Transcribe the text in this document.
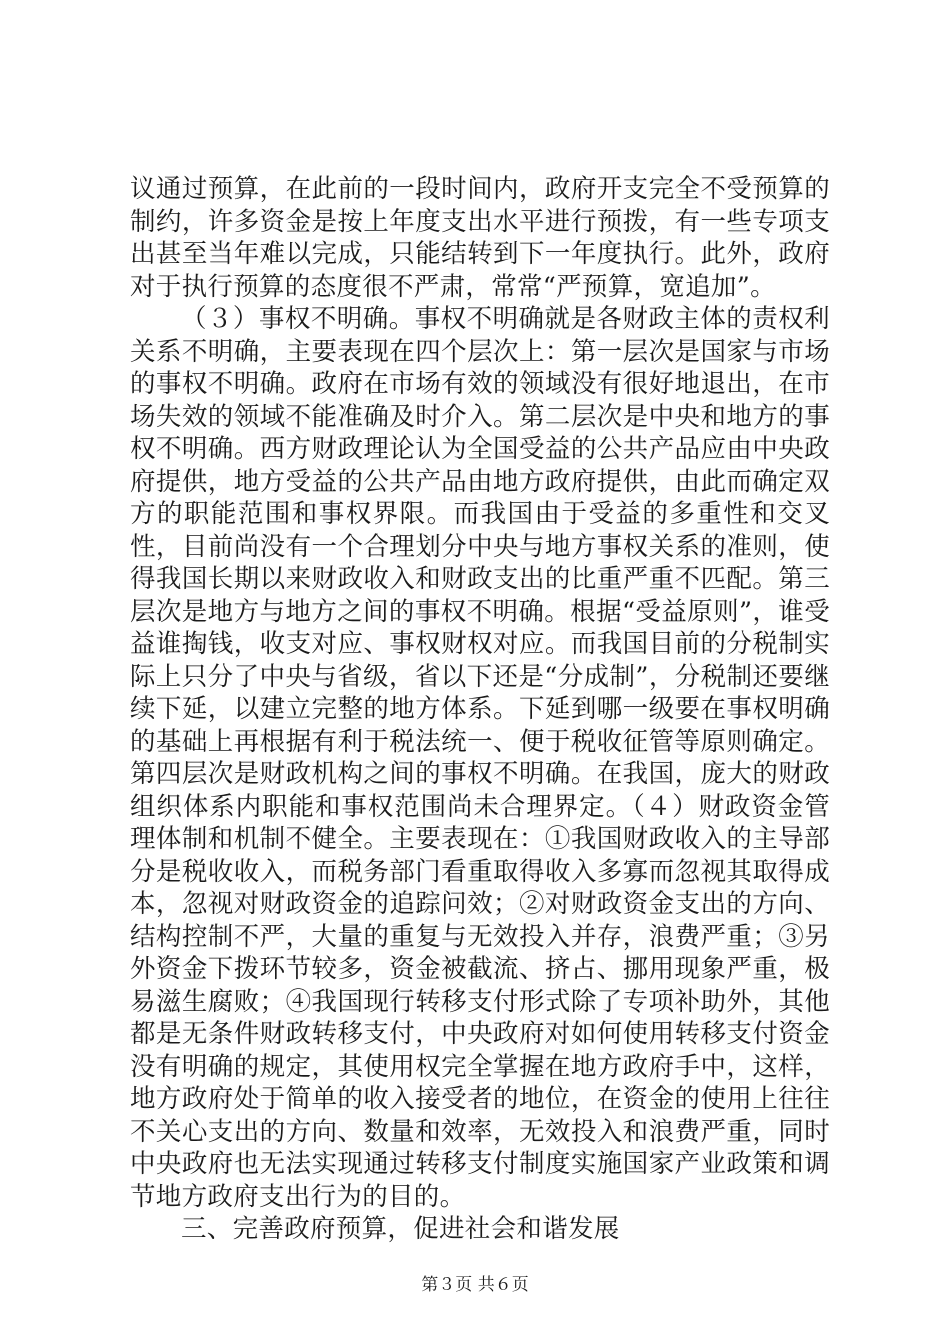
议通过预算，在此前的一段时间内，政府开支完全不受预算的制约，许多资金是按上年度支出水平进行预拨，有一些专项支出甚至当年难以完成，只能结转到下一年度执行。此外，政府对于执行预算的态度很不严肃，常常“严预算，宽追加”。

（３）事权不明确。事权不明确就是各财政主体的责权利关系不明确，主要表现在四个层次上：第一层次是国家与市场的事权不明确。政府在市场有效的领域没有很好地退出，在市场失效的领域不能准确及时介入。第二层次是中央和地方的事权不明确。西方财政理论认为全国受益的公共产品应由中央政府提供，地方受益的公共产品由地方政府提供，由此而确定双方的职能范围和事权界限。而我国由于受益的多重性和交叉性，目前尚没有一个合理划分中央与地方事权关系的准则，使得我国长期以来财政收入和财政支出的比重严重不匹配。第三层次是地方与地方之间的事权不明确。根据“受益原则”，谁受益谁掏钱，收支对应、事权财权对应。而我国目前的分税制实际上只分了中央与省级，省以下还是“分成制”，分税制还要继续下延，以建立完整的地方体系。下延到哪一级要在事权明确的基础上再根据有利于税法统一、便于税收征管等原则确定。第四层次是财政机构之间的事权不明确。在我国，庞大的财政组织体系内职能和事权范围尚未合理界定。（４）财政资金管理体制和机制不健全。主要表现在：①我国财政收入的主导部分是税收收入，而税务部门看重取得收入多寡而忽视其取得成本，忽视对财政资金的追踪问效；②对财政资金支出的方向、结构控制不严，大量的重复与无效投入并存，浪费严重；③另外资金下拨环节较多，资金被截流、挤占、挪用现象严重，极易滋生腐败；④我国现行转移支付形式除了专项补助外，其他都是无条件财政转移支付，中央政府对如何使用转移支付资金没有明确的规定，其使用权完全掌握在地方政府手中，这样，地方政府处于简单的收入接受者的地位，在资金的使用上往往不关心支出的方向、数量和效率，无效投入和浪费严重，同时中央政府也无法实现通过转移支付制度实施国家产业政策和调节地方政府支出行为的目的。

三、完善政府预算，促进社会和谐发展

第３页 共６页
